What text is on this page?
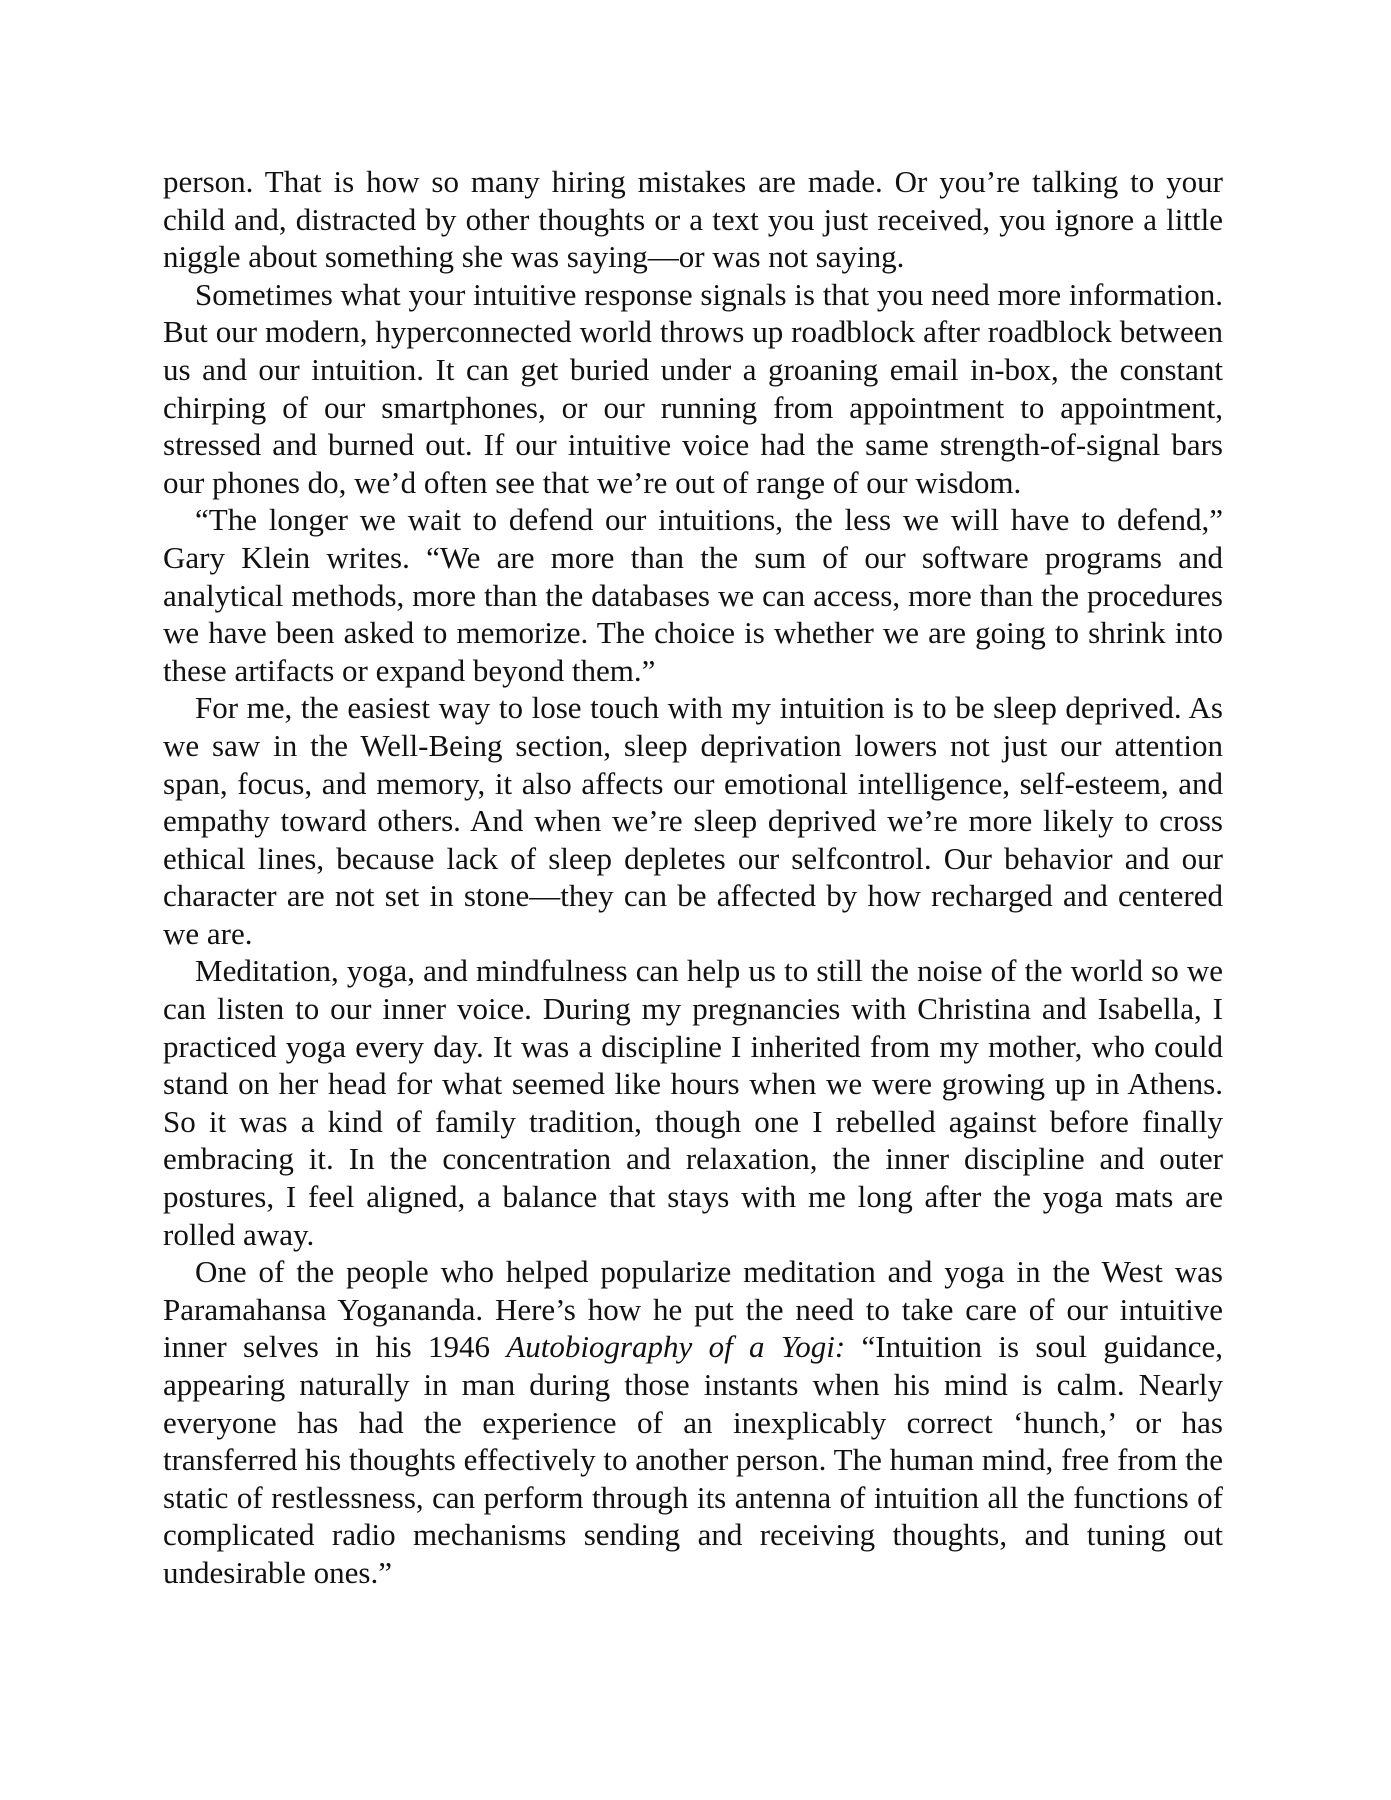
person. That is how so many hiring mistakes are made. Or you’re talking to your child and, distracted by other thoughts or a text you just received, you ignore a little niggle about something she was saying—or was not saying.

Sometimes what your intuitive response signals is that you need more information. But our modern, hyperconnected world throws up roadblock after roadblock between us and our intuition. It can get buried under a groaning email in-box, the constant chirping of our smartphones, or our running from appointment to appointment, stressed and burned out. If our intuitive voice had the same strength-of-signal bars our phones do, we’d often see that we’re out of range of our wisdom.

“The longer we wait to defend our intuitions, the less we will have to defend,” Gary Klein writes. “We are more than the sum of our software programs and analytical methods, more than the databases we can access, more than the procedures we have been asked to memorize. The choice is whether we are going to shrink into these artifacts or expand beyond them.”

For me, the easiest way to lose touch with my intuition is to be sleep deprived. As we saw in the Well-Being section, sleep deprivation lowers not just our attention span, focus, and memory, it also affects our emotional intelligence, self-esteem, and empathy toward others. And when we’re sleep deprived we’re more likely to cross ethical lines, because lack of sleep depletes our selfcontrol. Our behavior and our character are not set in stone—they can be affected by how recharged and centered we are.

Meditation, yoga, and mindfulness can help us to still the noise of the world so we can listen to our inner voice. During my pregnancies with Christina and Isabella, I practiced yoga every day. It was a discipline I inherited from my mother, who could stand on her head for what seemed like hours when we were growing up in Athens. So it was a kind of family tradition, though one I rebelled against before finally embracing it. In the concentration and relaxation, the inner discipline and outer postures, I feel aligned, a balance that stays with me long after the yoga mats are rolled away.

One of the people who helped popularize meditation and yoga in the West was Paramahansa Yogananda. Here’s how he put the need to take care of our intuitive inner selves in his 1946 Autobiography of a Yogi: “Intuition is soul guidance, appearing naturally in man during those instants when his mind is calm. Nearly everyone has had the experience of an inexplicably correct ‘hunch,’ or has transferred his thoughts effectively to another person. The human mind, free from the static of restlessness, can perform through its antenna of intuition all the functions of complicated radio mechanisms sending and receiving thoughts, and tuning out undesirable ones.”
